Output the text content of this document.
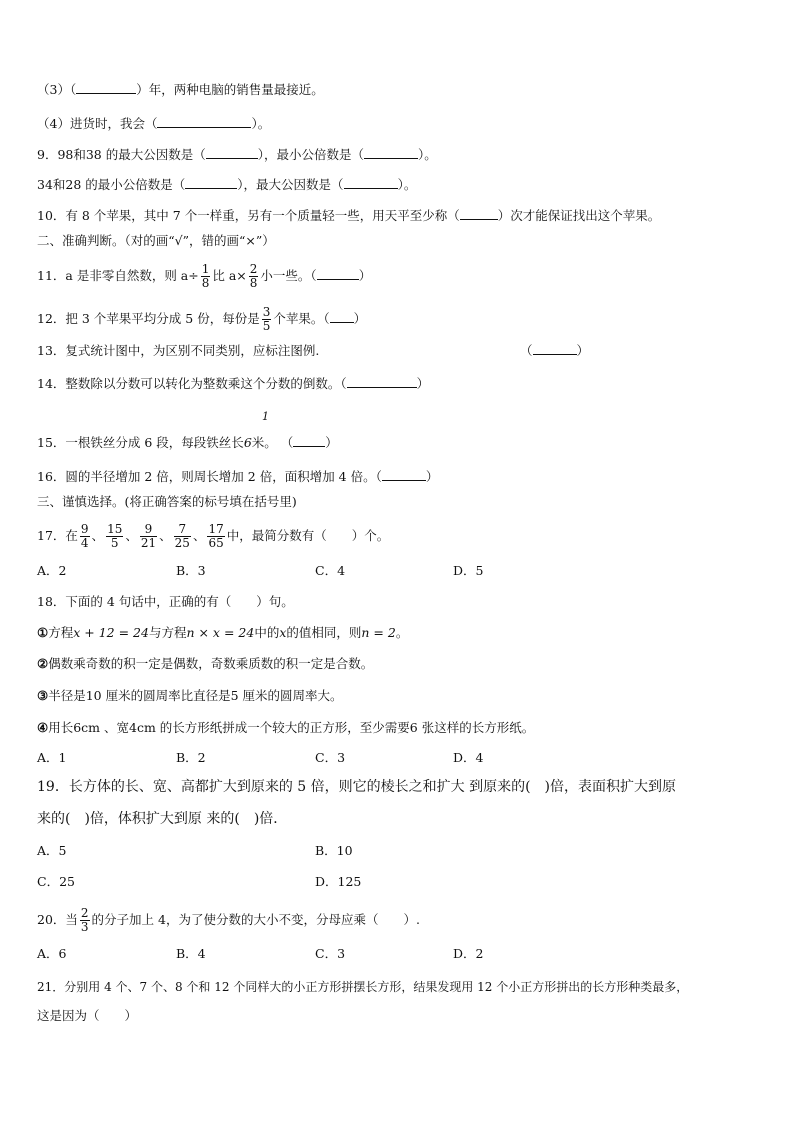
（3）（	）年，两种电脑的销售量最接近。
（4）进货时，我会（	）。
9．98和38 的最大公因数是（	），最小公倍数是（	）。
34和28 的最小公倍数是（	），最大公因数是（	）。
10．有 8 个苹果，其中 7 个一样重，另有一个质量轻一些，用天平至少称（	）次才能保证找出这个苹果。
二、准确判断。（对的画“√”，错的画“×”）
11．a 是非零自然数，则 $a\div \frac{1}{8}$ 比 $a\times \frac{2}{8}$ 小一些。（	）
12．把 3 个苹果平均分成 5 份，每份是 $\frac{3}{5}$ 个苹果。（ ）
13．复式统计图中，为区别不同类别，应标注图例.	（	）
14．整数除以分数可以转化为整数乘这个分数的倒数。（	）
1
15．一根铁丝分成 6 段，每段铁丝长6米。 （	）
16．圆的半径增加 2 倍，则周长增加 2 倍，面积增加 4 倍。（	）
三、谨慎选择。(将正确答案的标号填在括号里)
17．在 $\frac{9}{4}$ 、 $\frac{15}{5}$ 、 $\frac{9}{21}$ 、 $\frac{7}{25}$ 、 $\frac{17}{65}$ 中，最简分数有（　　）个。
A．2	B．3	C．4	D．5
18．下面的 4 句话中，正确的有（　　）句。
①方程x + 12 = 24与方程n × x = 24中的x的值相同，则n = 2。
②偶数乘奇数的积一定是偶数，奇数乘质数的积一定是合数。
③半径是10 厘米的圆周率比直径是5 厘米的圆周率大。
④用长6cm 、宽4cm 的长方形纸拼成一个较大的正方形，至少需要6 张这样的长方形纸。
A．1	B．2	C．3	D．4
19．长方体的长、宽、高都扩大到原来的 5 倍，则它的棱长之和扩大 到原来的(　)倍，表面积扩大到原
来的(　)倍，体积扩大到原 来的(　)倍．
A．5	B．10
C．25	D．125
20．当 $\frac{2}{3}$ 的分子加上 4，为了使分数的大小不变，分母应乘（　　）.
A．6	B．4	C．3	D．2
21．分别用 4 个、7 个、8 个和 12 个同样大的小正方形拼摆长方形，结果发现用 12 个小正方形拼出的长方形种类最多，
这是因为（　　）
